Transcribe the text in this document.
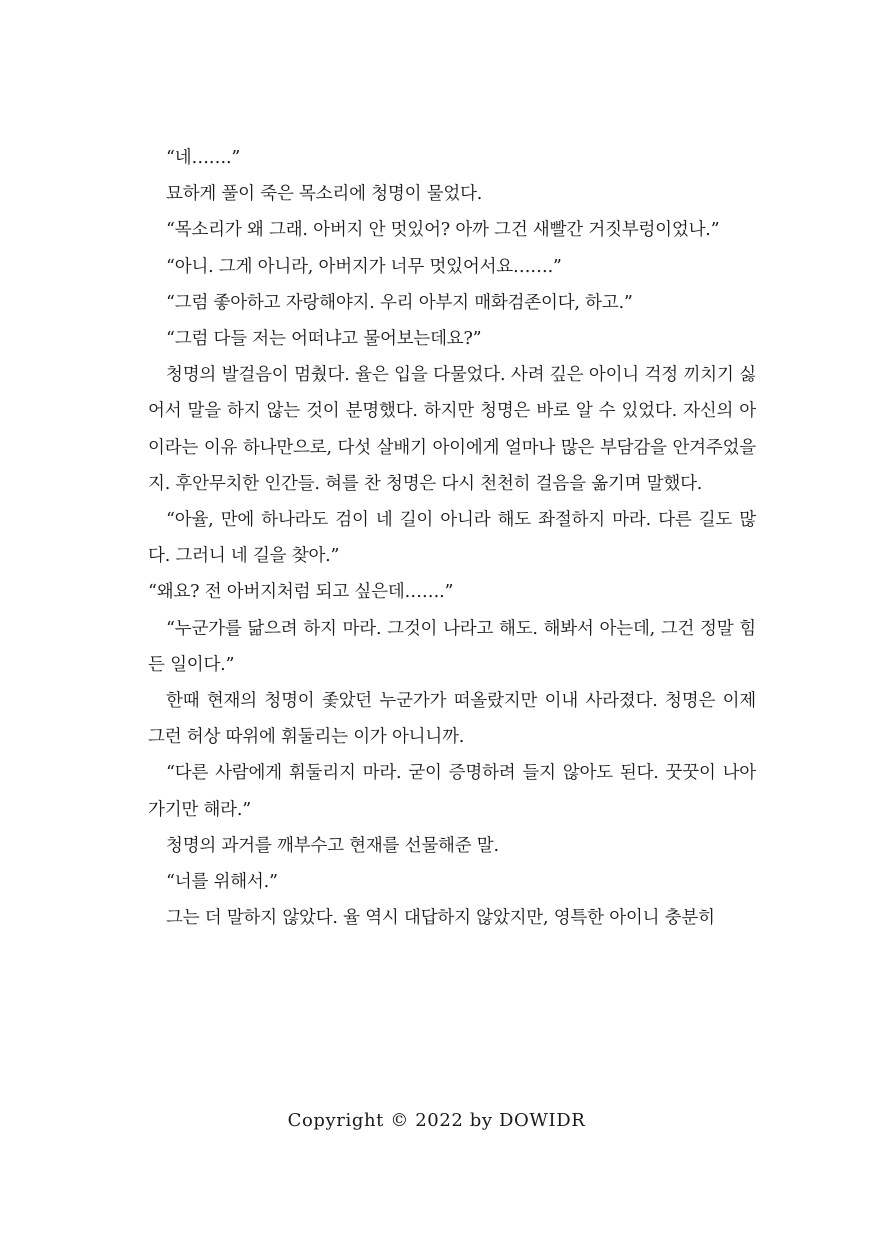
“네…….”

묘하게 풀이 죽은 목소리에 청명이 물었다.

“목소리가 왜 그래. 아버지 안 멋있어? 아까 그건 새빨간 거짓부렁이었나.”

“아니. 그게 아니라, 아버지가 너무 멋있어서요…….”

“그럼 좋아하고 자랑해야지. 우리 아부지 매화검존이다, 하고.”

“그럼 다들 저는 어떠냐고 물어보는데요?”

청명의 발걸음이 멈췄다. 율은 입을 다물었다. 사려 깊은 아이니 걱정 끼치기 싫어서 말을 하지 않는 것이 분명했다. 하지만 청명은 바로 알 수 있었다. 자신의 아이라는 이유 하나만으로, 다섯 살배기 아이에게 얼마나 많은 부담감을 안겨주었을지. 후안무치한 인간들. 혀를 찬 청명은 다시 천천히 걸음을 옮기며 말했다.

“아율, 만에 하나라도 검이 네 길이 아니라 해도 좌절하지 마라. 다른 길도 많다. 그러니 네 길을 찾아.”

“왜요? 전 아버지처럼 되고 싶은데…….”

“누군가를 닮으려 하지 마라. 그것이 나라고 해도. 해봐서 아는데, 그건 정말 힘든 일이다.”

한때 현재의 청명이 좇았던 누군가가 떠올랐지만 이내 사라졌다. 청명은 이제 그런 허상 따위에 휘둘리는 이가 아니니까.

“다른 사람에게 휘둘리지 마라. 굳이 증명하려 들지 않아도 된다. 꿋꿋이 나아가기만 해라.”

청명의 과거를 깨부수고 현재를 선물해준 말.

“너를 위해서.”

그는 더 말하지 않았다. 율 역시 대답하지 않았지만, 영특한 아이니 충분히

Copyright © 2022 by DOWIDR
